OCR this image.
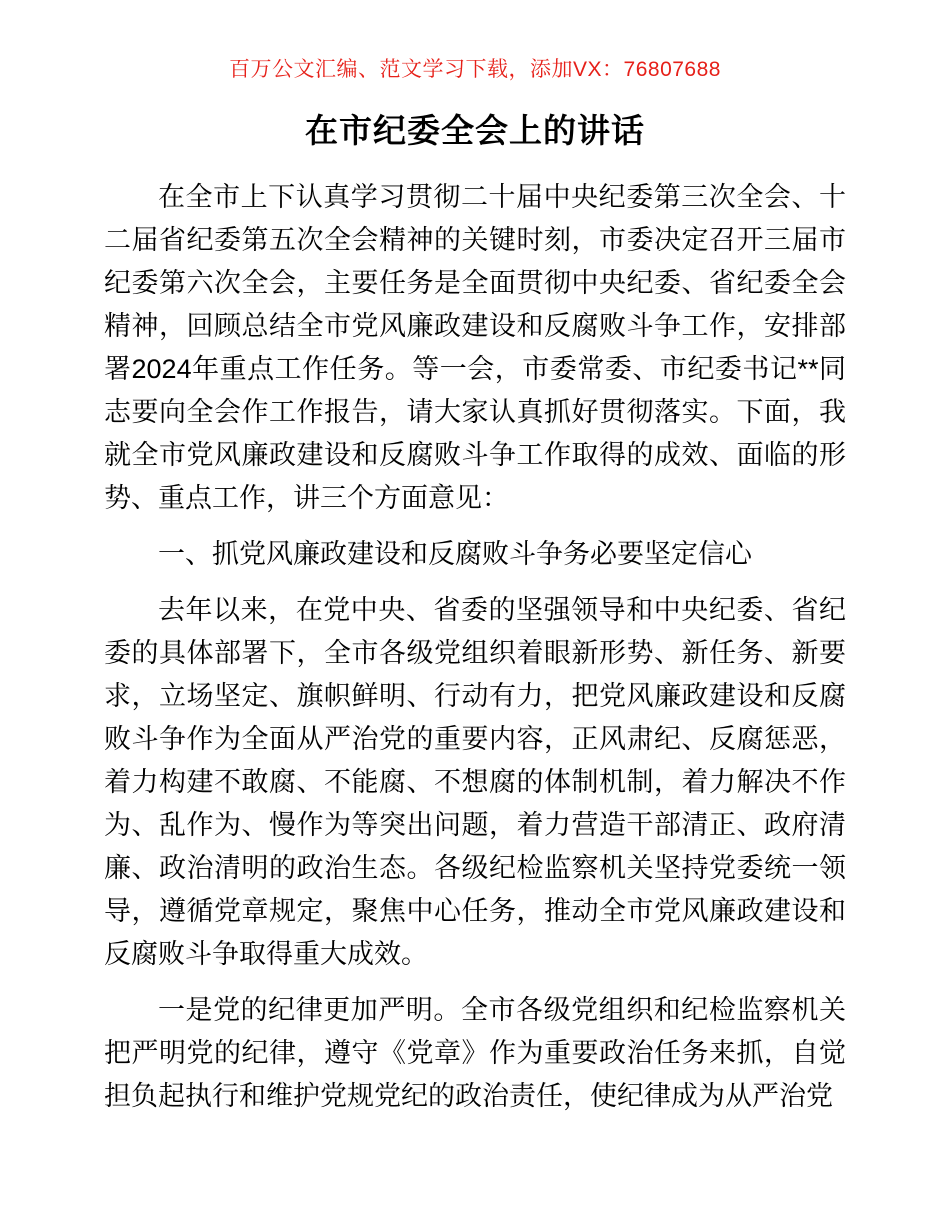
百万公文汇编、范文学习下载，添加VX：76807688
在市纪委全会上的讲话

在全市上下认真学习贯彻二十届中央纪委第三次全会、十二届省纪委第五次全会精神的关键时刻，市委决定召开三届市纪委第六次全会，主要任务是全面贯彻中央纪委、省纪委全会精神，回顾总结全市党风廉政建设和反腐败斗争工作，安排部署2024年重点工作任务。等一会，市委常委、市纪委书记**同志要向全会作工作报告，请大家认真抓好贯彻落实。下面，我就全市党风廉政建设和反腐败斗争工作取得的成效、面临的形势、重点工作，讲三个方面意见：

一、抓党风廉政建设和反腐败斗争务必要坚定信心

去年以来，在党中央、省委的坚强领导和中央纪委、省纪委的具体部署下，全市各级党组织着眼新形势、新任务、新要求，立场坚定、旗帜鲜明、行动有力，把党风廉政建设和反腐败斗争作为全面从严治党的重要内容，正风肃纪、反腐惩恶，着力构建不敢腐、不能腐、不想腐的体制机制，着力解决不作为、乱作为、慢作为等突出问题，着力营造干部清正、政府清廉、政治清明的政治生态。各级纪检监察机关坚持党委统一领导，遵循党章规定，聚焦中心任务，推动全市党风廉政建设和反腐败斗争取得重大成效。

一是党的纪律更加严明。全市各级党组织和纪检监察机关把严明党的纪律，遵守《党章》作为重要政治任务来抓，自觉担负起执行和维护党规党纪的政治责任，使纪律成为从严治党
